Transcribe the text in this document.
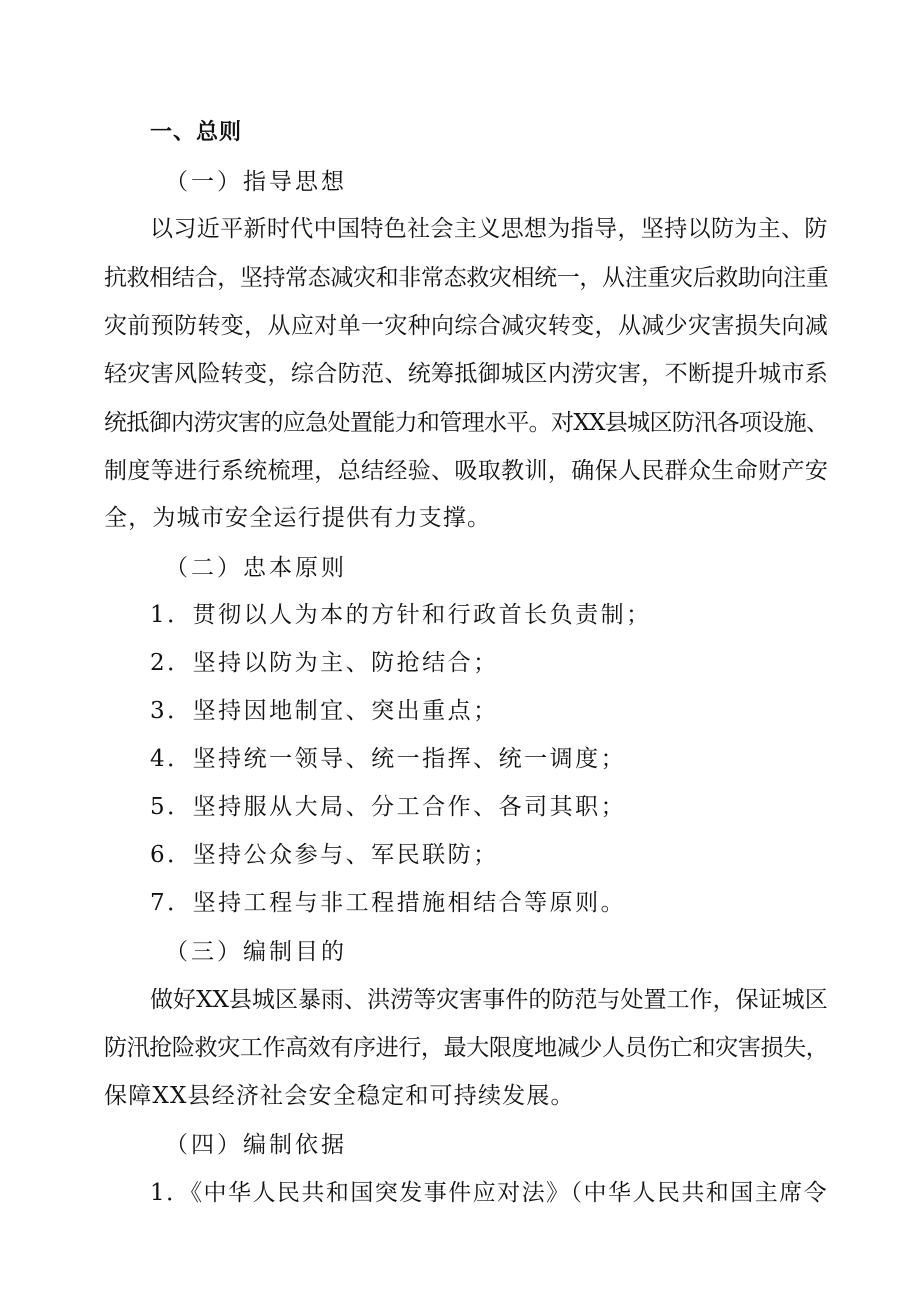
一、总则
（一）指导思想
以习近平新时代中国特色社会主义思想为指导，坚持以防为主、防
抗救相结合，坚持常态减灾和非常态救灾相统一，从注重灾后救助向注重
灾前预防转变，从应对单一灾种向综合减灾转变，从减少灾害损失向减
轻灾害风险转变，综合防范、统筹抵御城区内涝灾害，不断提升城市系
统抵御内涝灾害的应急处置能力和管理水平。对XX县城区防汛各项设施、
制度等进行系统梳理，总结经验、吸取教训，确保人民群众生命财产安
全，为城市安全运行提供有力支撑。
（二）忠本原则
1．贯彻以人为本的方针和行政首长负责制；
2．坚持以防为主、防抢结合；
3．坚持因地制宜、突出重点；
4．坚持统一领导、统一指挥、统一调度；
5．坚持服从大局、分工合作、各司其职；
6．坚持公众参与、军民联防；
7．坚持工程与非工程措施相结合等原则。
（三）编制目的
做好XX县城区暴雨、洪涝等灾害事件的防范与处置工作，保证城区
防汛抢险救灾工作高效有序进行，最大限度地减少人员伤亡和灾害损失，
保障XX县经济社会安全稳定和可持续发展。
（四）编制依据
1．《中华人民共和国突发事件应对法》（中华人民共和国主席令
